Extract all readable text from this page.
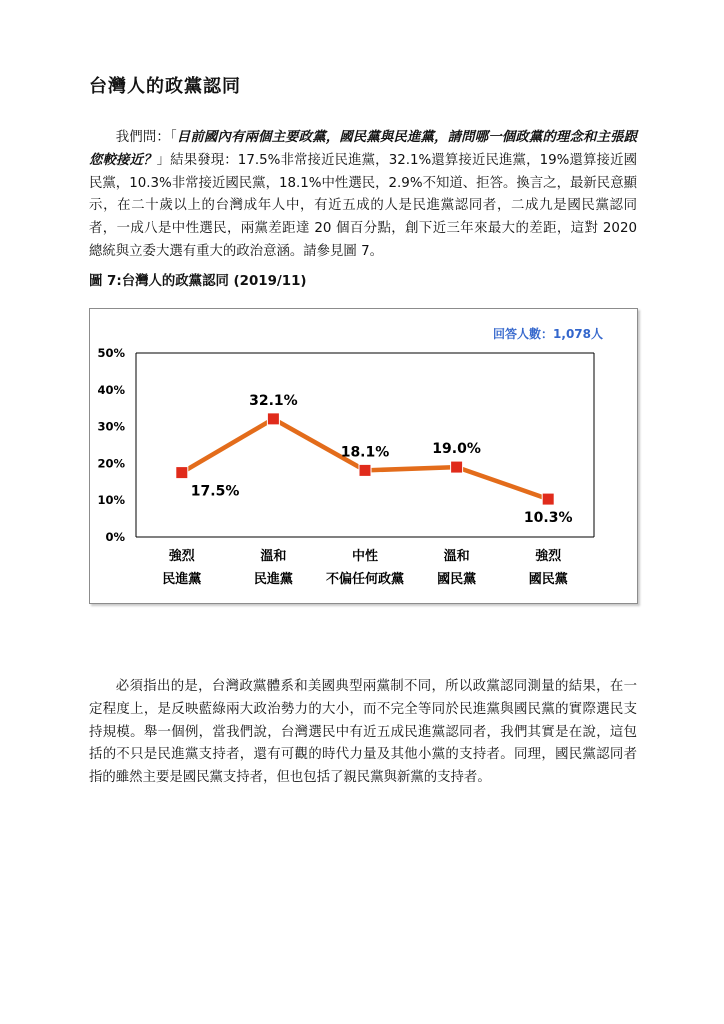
台灣人的政黨認同

我們問：「目前國內有兩個主要政黨，國民黨與民進黨，請問哪一個政黨的理念和主張跟您較接近？」結果發現：17.5%非常接近民進黨，32.1%還算接近民進黨，19%還算接近國民黨，10.3%非常接近國民黨，18.1%中性選民，2.9%不知道、拒答。換言之，最新民意顯示，在二十歲以上的台灣成年人中，有近五成的人是民進黨認同者，二成九是國民黨認同者，一成八是中性選民，兩黨差距達 20 個百分點，創下近三年來最大的差距，這對 2020 總統與立委大選有重大的政治意涵。請參見圖 7。

圖 7:台灣人的政黨認同 (2019/11)
回答人數：1,078人
0%
10%
20%
30%
40%
50%
17.5%
32.1%
18.1%	19.0%
10.3%
強烈
民進黨
溫和
民進黨
中性
不偏任何政黨
溫和
國民黨
強烈
國民黨

必須指出的是，台灣政黨體系和美國典型兩黨制不同，所以政黨認同測量的結果，在一定程度上，是反映藍綠兩大政治勢力的大小，而不完全等同於民進黨與國民黨的實際選民支持規模。舉一個例，當我們說，台灣選民中有近五成民進黨認同者，我們其實是在說，這包括的不只是民進黨支持者，還有可觀的時代力量及其他小黨的支持者。同理，國民黨認同者指的雖然主要是國民黨支持者，但也包括了親民黨與新黨的支持者。
